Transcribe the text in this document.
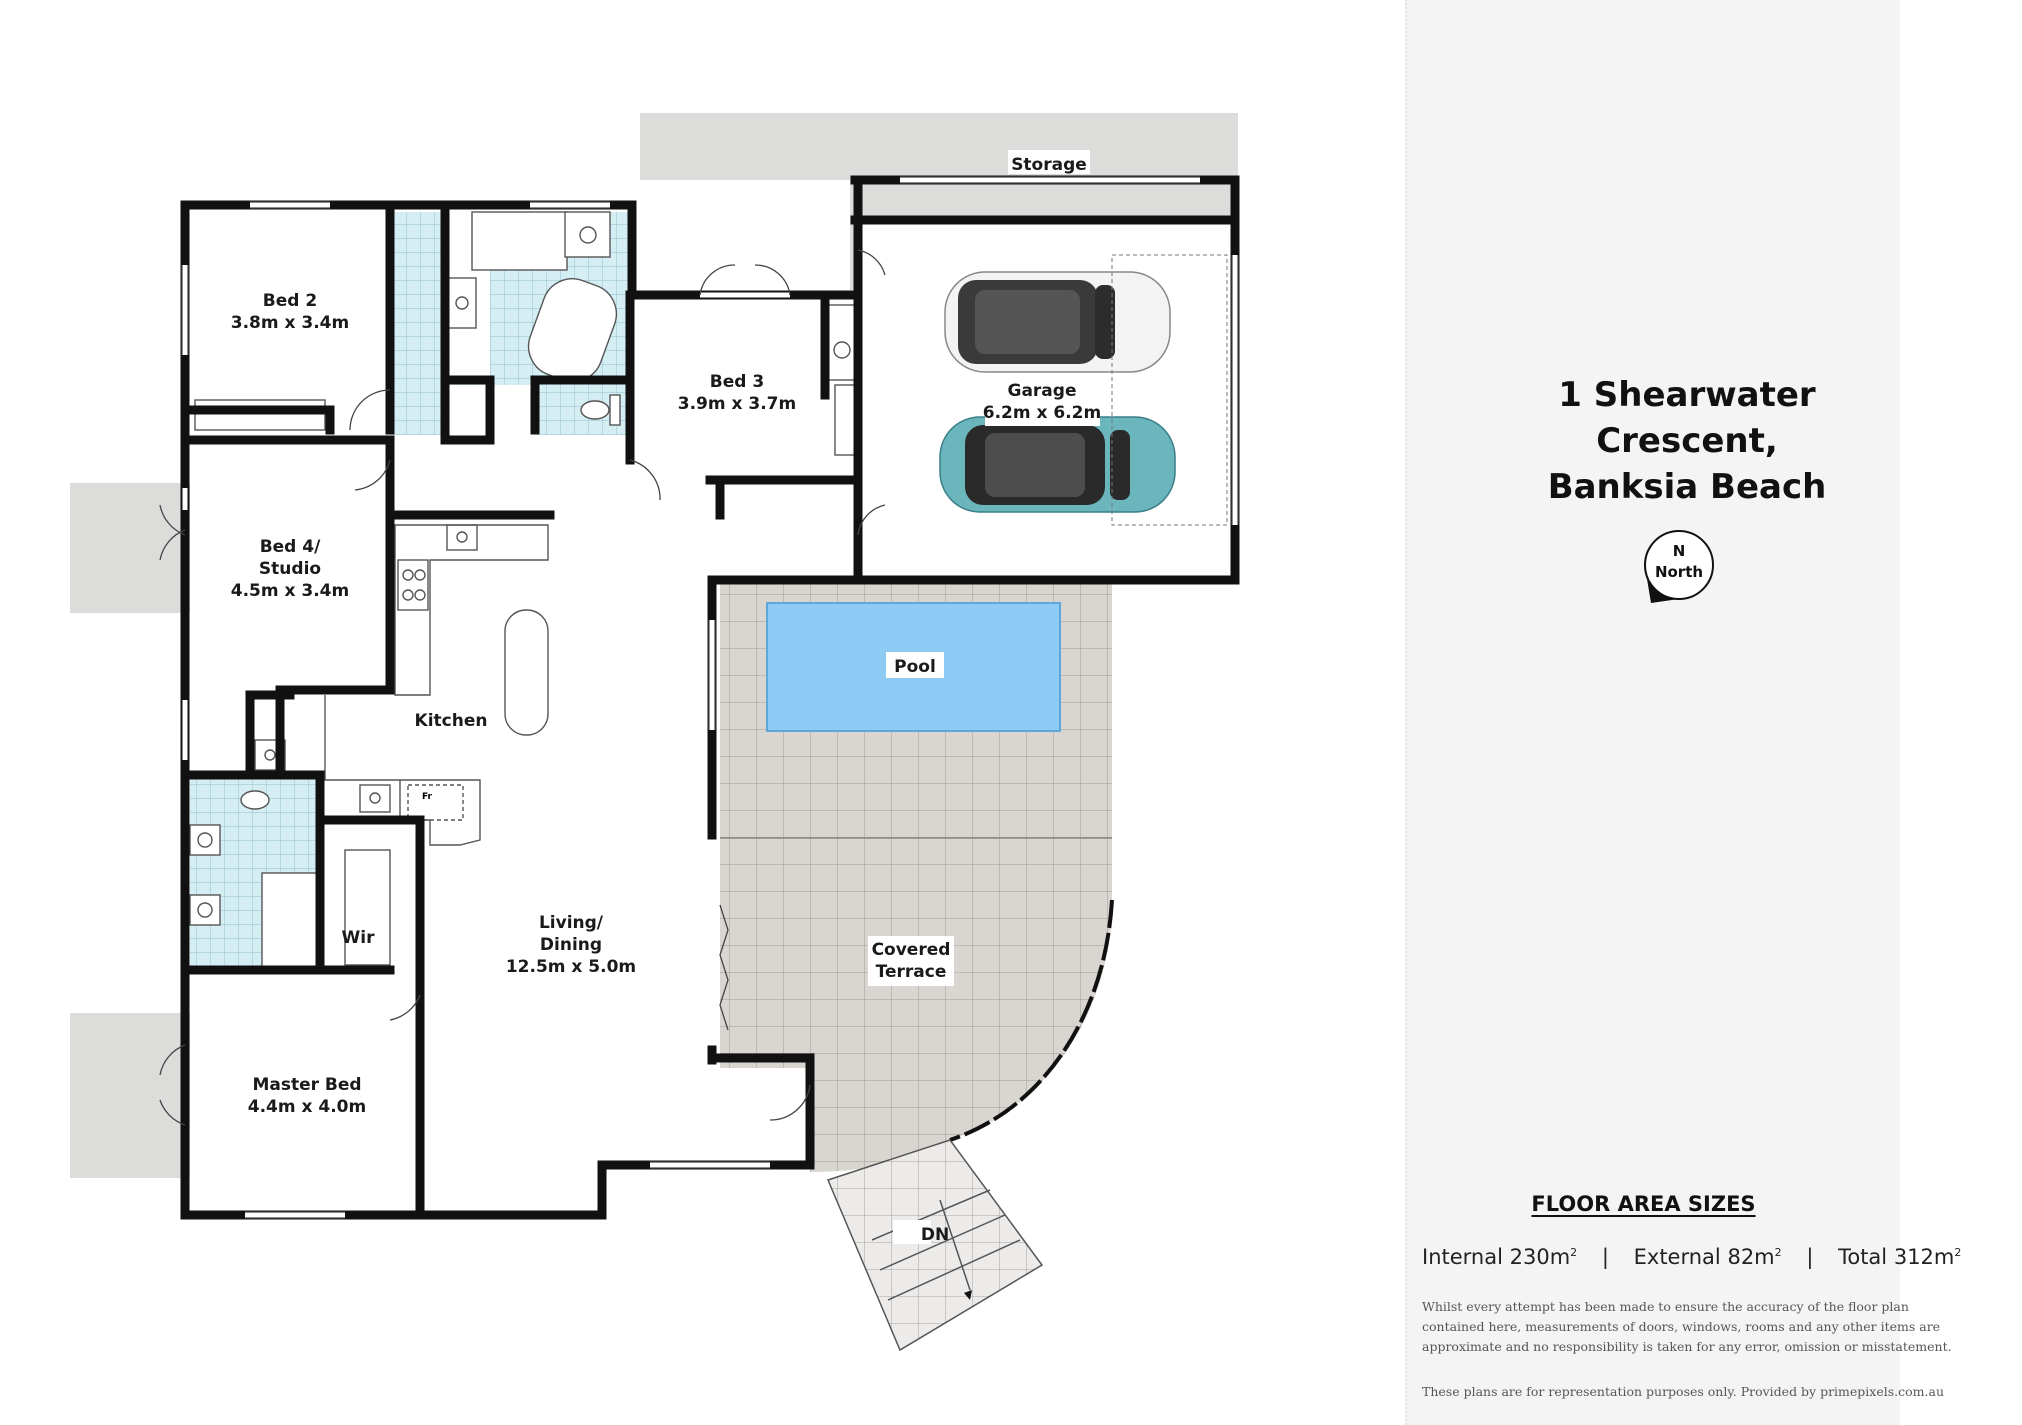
Storage
Bed 2
3.8m x 3.4m
Bed 3
3.9m x 3.7m
Garage
6.2m x 6.2m
Bed 4/
Studio
4.5m x 3.4m
Kitchen
Pool
Wir
Living/
Dining
12.5m x 5.0m
Covered
Terrace
Master Bed
4.4m x 4.0m
DN
Fr
1 Shearwater Crescent,
Banksia Beach
N
North
FLOOR AREA SIZES
Internal $230m^2$ | External $82m^2$ | Total $312m^2$
Whilst every attempt has been made to ensure the accuracy of the floor plan
contained here, measurements of doors, windows, rooms and any other items are
approximate and no responsibility is taken for any error, omission or misstatement.
These plans are for representation purposes only. Provided by primepixels.com.au
